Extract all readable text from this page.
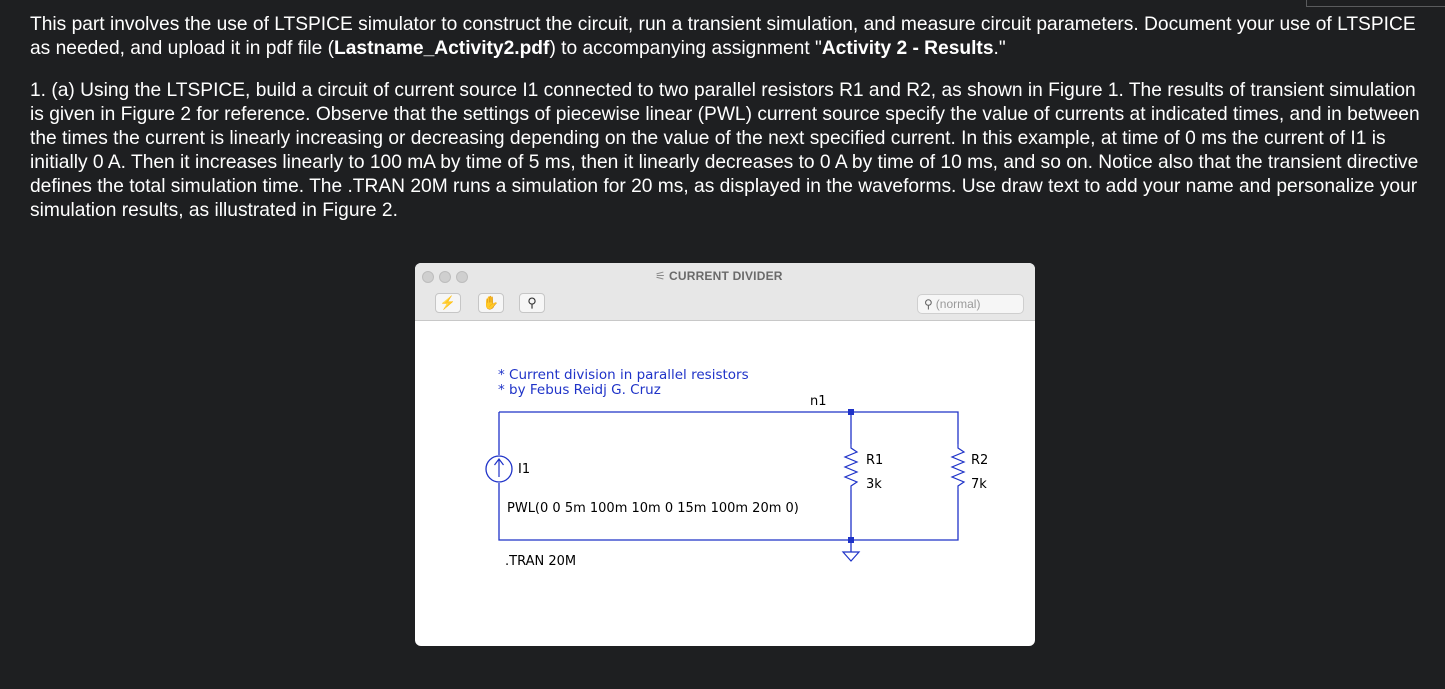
This part involves the use of LTSPICE simulator to construct the circuit, run a transient simulation, and measure circuit parameters. Document your use of LTSPICE as needed, and upload it in pdf file (Lastname_Activity2.pdf) to accompanying assignment "Activity 2 - Results."

1. (a) Using the LTSPICE, build a circuit of current source I1 connected to two parallel resistors R1 and R2, as shown in Figure 1. The results of transient simulation is given in Figure 2 for reference. Observe that the settings of piecewise linear (PWL) current source specify the value of currents at indicated times, and in between the times the current is linearly increasing or decreasing depending on the value of the next specified current. In this example, at time of 0 ms the current of I1 is initially 0 A. Then it increases linearly to 100 mA by time of 5 ms, then it linearly decreases to 0 A by time of 10 ms, and so on. Notice also that the transient directive defines the total simulation time. The .TRAN 20M runs a simulation for 20 ms, as displayed in the waveforms. Use draw text to add your name and personalize your simulation results, as illustrated in Figure 2.

⚟ CURRENT DIVIDER
⚡	✋	⚲	⚲ (normal)
* Current division in parallel resistors
* by Febus Reidj G. Cruz
n1
I1
PWL(0 0 5m 100m 10m 0 15m 100m 20m 0)
R1
3k
R2
7k
.TRAN 20M
